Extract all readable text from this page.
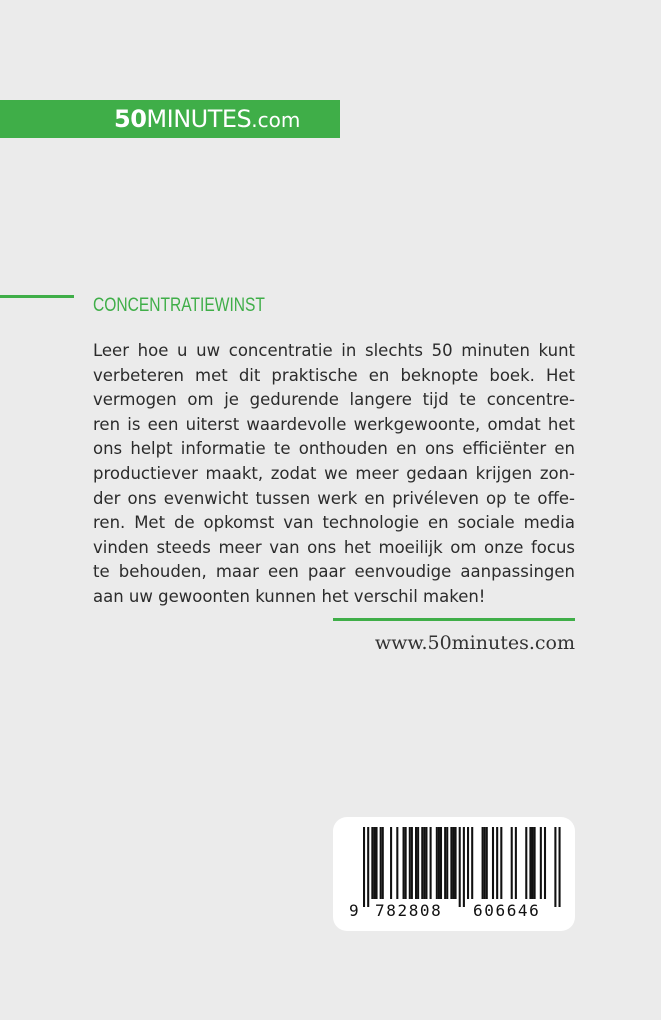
50MINUTES.com
CONCENTRATIEWINST

Leer hoe u uw concentratie in slechts 50 minuten kunt
verbeteren met dit praktische en beknopte boek. Het
vermogen om je gedurende langere tijd te concentre-
ren is een uiterst waardevolle werkgewoonte, omdat het
ons helpt informatie te onthouden en ons efficiënter en
productiever maakt, zodat we meer gedaan krijgen zon-
der ons evenwicht tussen werk en privéleven op te offe-
ren. Met de opkomst van technologie en sociale media
vinden steeds meer van ons het moeilijk om onze focus
te behouden, maar een paar eenvoudige aanpassingen
aan uw gewoonten kunnen het verschil maken!

www.50minutes.com
9 782808 606646
